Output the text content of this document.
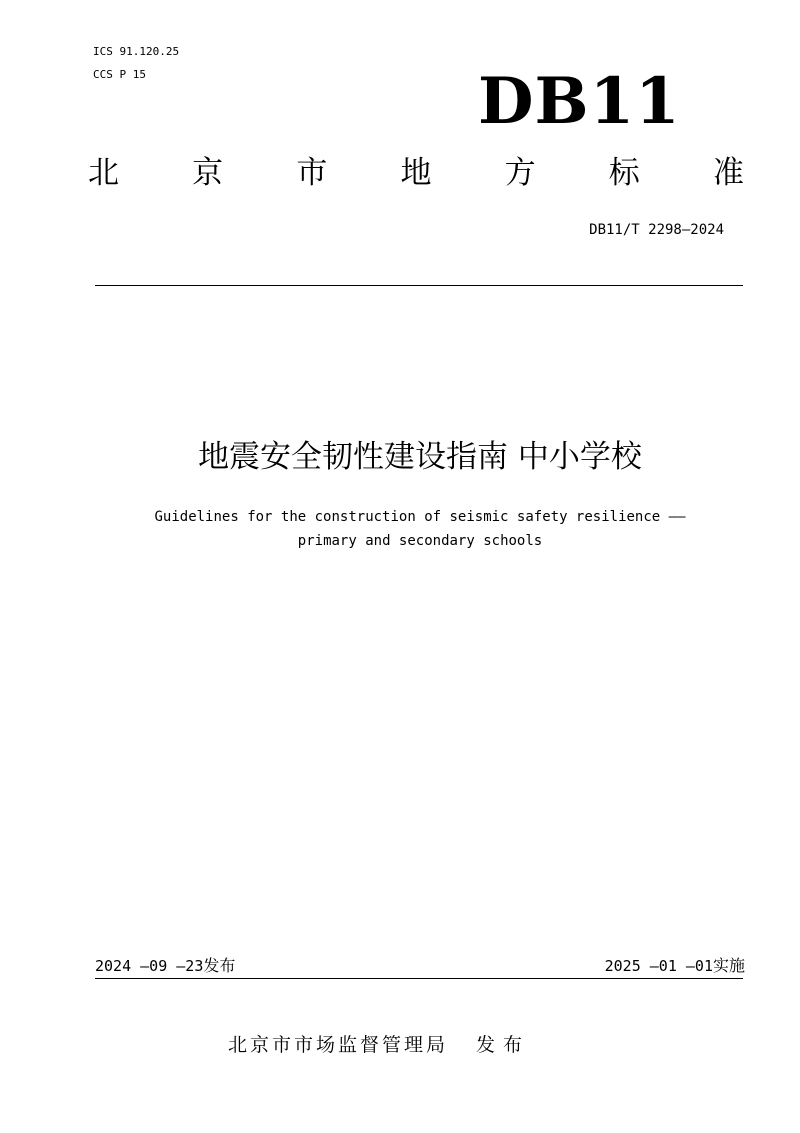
ICS 91.120.25
CCS P 15	DB11
北 京 市 地 方 标 准
DB11/T 2298—2024
地震安全韧性建设指南 中小学校
Guidelines for the construction of seismic safety resilience ——
primary and secondary schools
2024 —09 —23发布	2025 —01 —01实施
北京市市场监督管理局 发布
